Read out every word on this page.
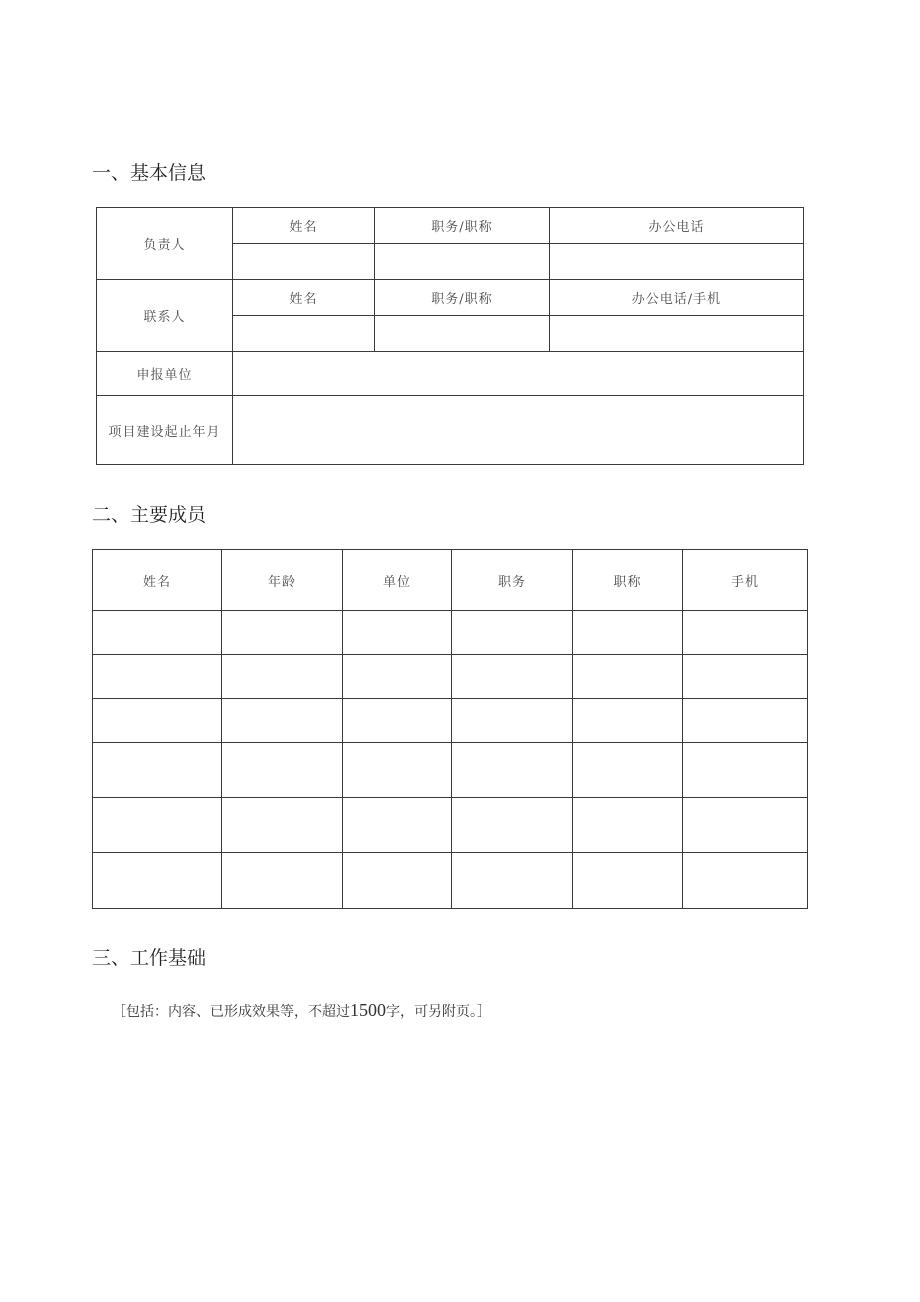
一、基本信息
负责人	姓名	职务/职称	办公电话

联系人	姓名	职务/职称	办公电话/手机

申报单位			
项目建设起止年月			
二、主要成员
姓名	年龄	单位	职务	职称	手机

三、工作基础

［包括：内容、已形成效果等，不超过1500字，可另附页。］
